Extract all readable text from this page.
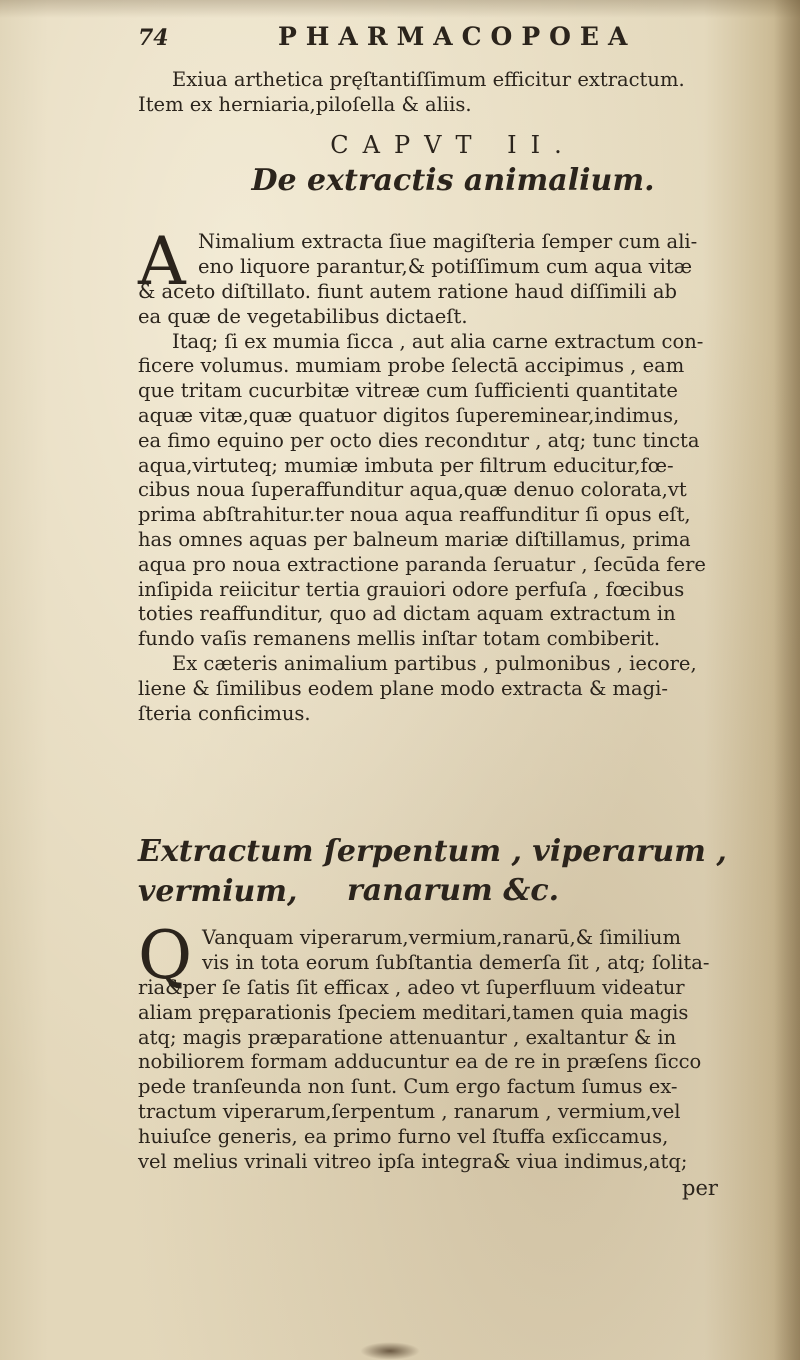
74	PHARMACOPOEA
Exiua arthetica pręſtantiſſimum efficitur extractum.
Item ex herniaria,piloſella & aliis.
CAPVT II.
De extractis animalium.
A Nimalium extracta ſiue magiſteria ſemper cum ali-
eno liquore parantur,& potiſſimum cum aqua vitæ
& aceto diſtillato. fiunt autem ratione haud diſſimili ab
ea quæ de vegetabilibus dictaeſt.
Itaq; ſi ex mumia ſicca , aut alia carne extractum con-
ficere volumus. mumiam probe ſelectā accipimus , eam
que tritam cucurbitæ vitreæ cum ſufficienti quantitate
aquæ vitæ,quæ quatuor digitos ſupereminear,indimus,
ea fimo equino per octo dies recondıtur , atq; tunc tincta
aqua,virtuteq; mumiæ imbuta per filtrum educitur,fœ-
cibus noua ſuperaffunditur aqua,quæ denuo colorata,vt
prima abſtrahitur.ter noua aqua reaffunditur ſi opus eſt,
has omnes aquas per balneum mariæ diſtillamus, prima
aqua pro noua extractione paranda ſeruatur , ſecūda fere
inſipida reiicitur tertia grauiori odore perfuſa , fœcibus
toties reaffunditur, quo ad dictam aquam extractum in
fundo vaſis remanens mellis inſtar totam combiberit.
Ex cæteris animalium partibus , pulmonibus , iecore,
liene & ſimilibus eodem plane modo extracta & magi-
ſteria conficimus.
Extractum ſerpentum , viperarum , vermium,	ranarum &c.
Q Vanquam viperarum,vermium,ranarū,& ſimilium
vis in tota eorum ſubſtantia demerſa ſit , atq; ſolita-
ria&per ſe ſatis ſit efficax , adeo vt ſuperfluum videatur
aliam pręparationis ſpeciem meditari,tamen quia magis
atq; magis præparatione attenuantur , exaltantur & in
nobiliorem formam adducuntur ea de re in præſens ſicco
pede tranſeunda non ſunt. Cum ergo factum ſumus ex-
tractum viperarum,ſerpentum , ranarum , vermium,vel
huiuſce generis, ea primo furno vel ſtuffa exſiccamus,
vel melius vrinali vitreo ipſa integra& viua indimus,atq;
per
